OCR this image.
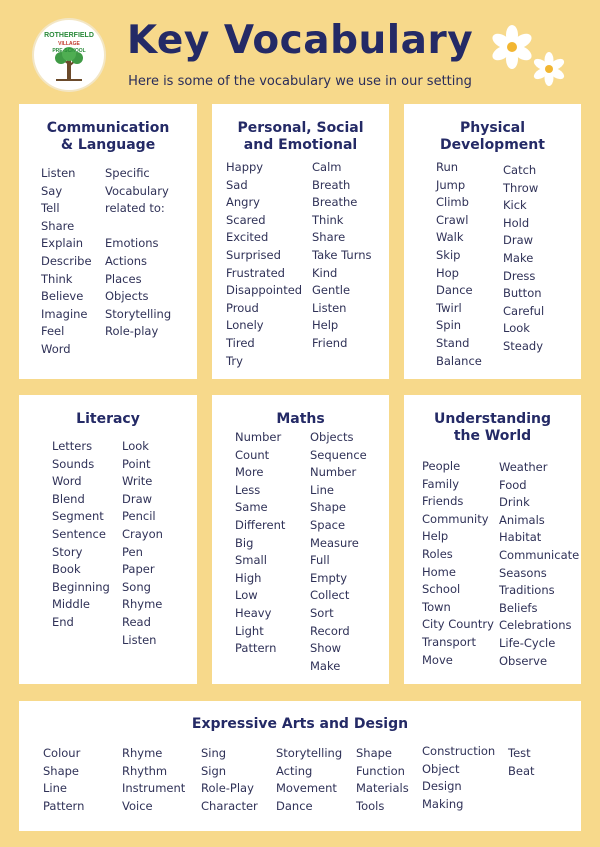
ROTHERFIELD
VILLAGE
PRE-SCHOOL	Key Vocabulary
Here is some of the vocabulary we use in our setting
Communication
& Language
Listen
Say
Tell
Share
Explain
Describe
Think
Believe
Imagine
Feel
Word
Specific
Vocabulary
related to:
Emotions
Actions
Places
Objects
Storytelling
Role-play
Personal, Social
and Emotional
Happy
Sad
Angry
Scared
Excited
Surprised
Frustrated
Disappointed
Proud
Lonely
Tired
Try
Calm
Breath
Breathe
Think
Share
Take Turns
Kind
Gentle
Listen
Help
Friend
Physical
Development
Run
Jump
Climb
Crawl
Walk
Skip
Hop
Dance
Twirl
Spin
Stand
Balance
Catch
Throw
Kick
Hold
Draw
Make
Dress
Button
Careful
Look
Steady
Literacy
Letters
Sounds
Word
Blend
Segment
Sentence
Story
Book
Beginning
Middle
End
Look
Point
Write
Draw
Pencil
Crayon
Pen
Paper
Song
Rhyme
Read
Listen
Maths
Number
Count
More
Less
Same
Different
Big
Small
High
Low
Heavy
Light
Pattern
Objects
Sequence
Number
Line
Shape
Space
Measure
Full
Empty
Collect
Sort
Record
Show
Make
Understanding
the World
People
Family
Friends
Community
Help
Roles
Home
School
Town
City Country
Transport
Move
Weather
Food
Drink
Animals
Habitat
Communicate
Seasons
Traditions
Beliefs
Celebrations
Life-Cycle
Observe
Expressive Arts and Design
Colour
Shape
Line
Pattern
Rhyme
Rhythm
Instrument
Voice
Sing
Sign
Role-Play
Character
Storytelling
Acting
Movement
Dance
Shape
Function
Materials
Tools
Construction
Object
Design
Making
Test
Beat
